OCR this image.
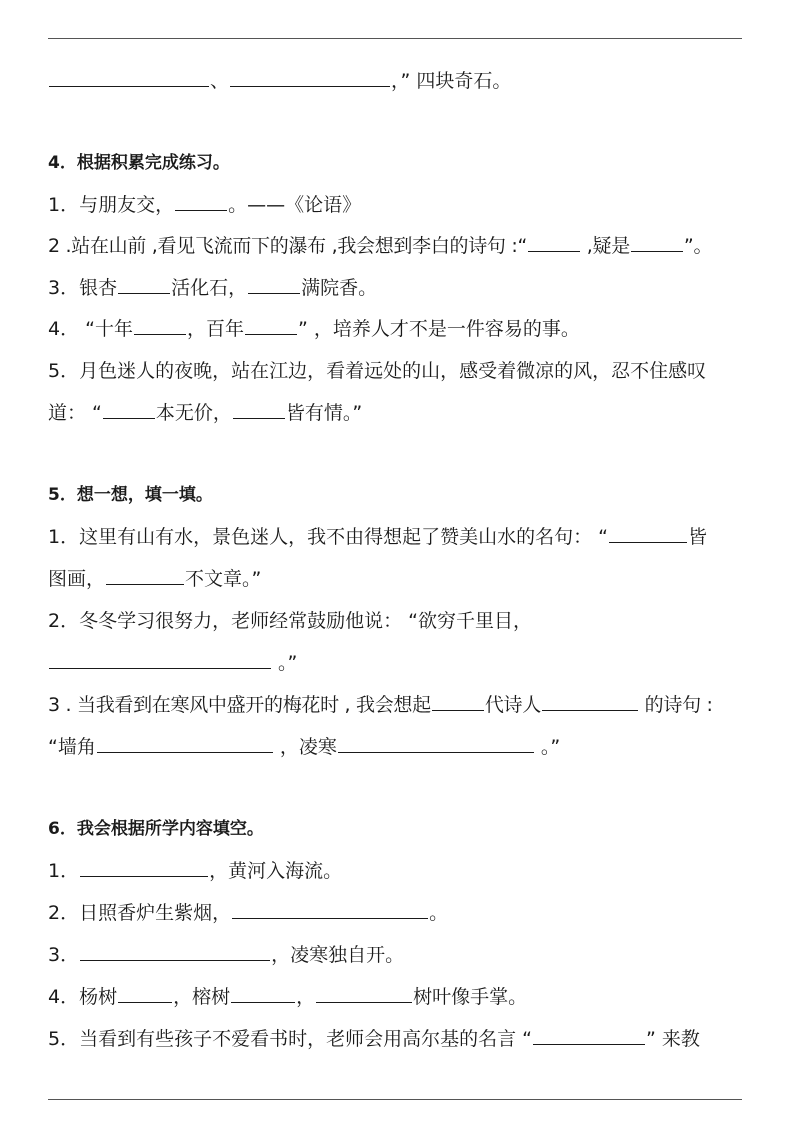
、	，” 四块奇石。
4．根据积累完成练习。
1．与朋友交，	。——《论语》
2 .站在山前 ,看见飞流而下的瀑布 ,我会想到李白的诗句 :“	,疑是	”。
3．银杏	活化石，	满院香。
4． “十年	，百年	” ，培养人才不是一件容易的事。
5．月色迷人的夜晚，站在江边，看着远处的山，感受着微凉的风，忍不住感叹
道： “	本无价，	皆有情。”
5．想一想，填一填。
1．这里有山有水，景色迷人，我不由得想起了赞美山水的名句： “	皆
图画，	不文章。”
2．冬冬学习很努力，老师经常鼓励他说： “欲穷千里目，
。”
3 . 当我看到在寒风中盛开的梅花时 , 我会想起	代诗人	的诗句 :
“墙角	，凌寒	。”
6．我会根据所学内容填空。
1．	，黄河入海流。
2．日照香炉生紫烟，	。
3．	，凌寒独自开。
4．杨树	，榕树	，	树叶像手掌。
5．当看到有些孩子不爱看书时，老师会用高尔基的名言 “	” 来教
